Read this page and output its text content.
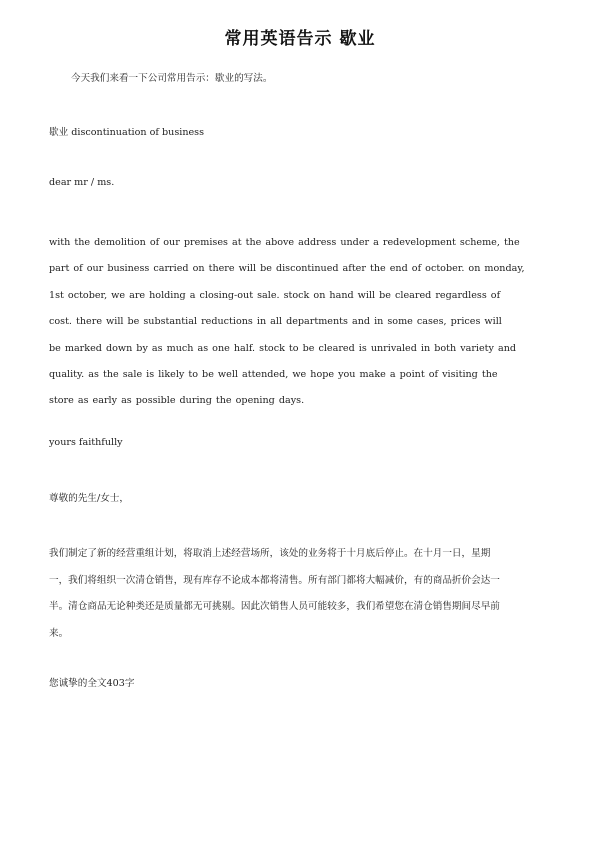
常用英语告示 歇业
今天我们来看一下公司常用告示：歇业的写法。
歇业 discontinuation of business
dear mr / ms.
with the demolition of our premises at the above address under a redevelopment scheme, the
part of our business carried on there will be discontinued after the end of october. on monday,
1st october, we are holding a closing-out sale. stock on hand will be cleared regardless of
cost. there will be substantial reductions in all departments and in some cases, prices will
be marked down by as much as one half. stock to be cleared is unrivaled in both variety and
quality. as the sale is likely to be well attended, we hope you make a point of visiting the
store as early as possible during the opening days.
yours faithfully
尊敬的先生/女士，
我们制定了新的经营重组计划，将取消上述经营场所，该处的业务将于十月底后停止。在十月一日，星期
一，我们将组织一次清仓销售，现有库存不论成本都将清售。所有部门都将大幅减价，有的商品折价会达一
半。清仓商品无论种类还是质量都无可挑剔。因此次销售人员可能较多，我们希望您在清仓销售期间尽早前
来。
您诚挚的全文403字
